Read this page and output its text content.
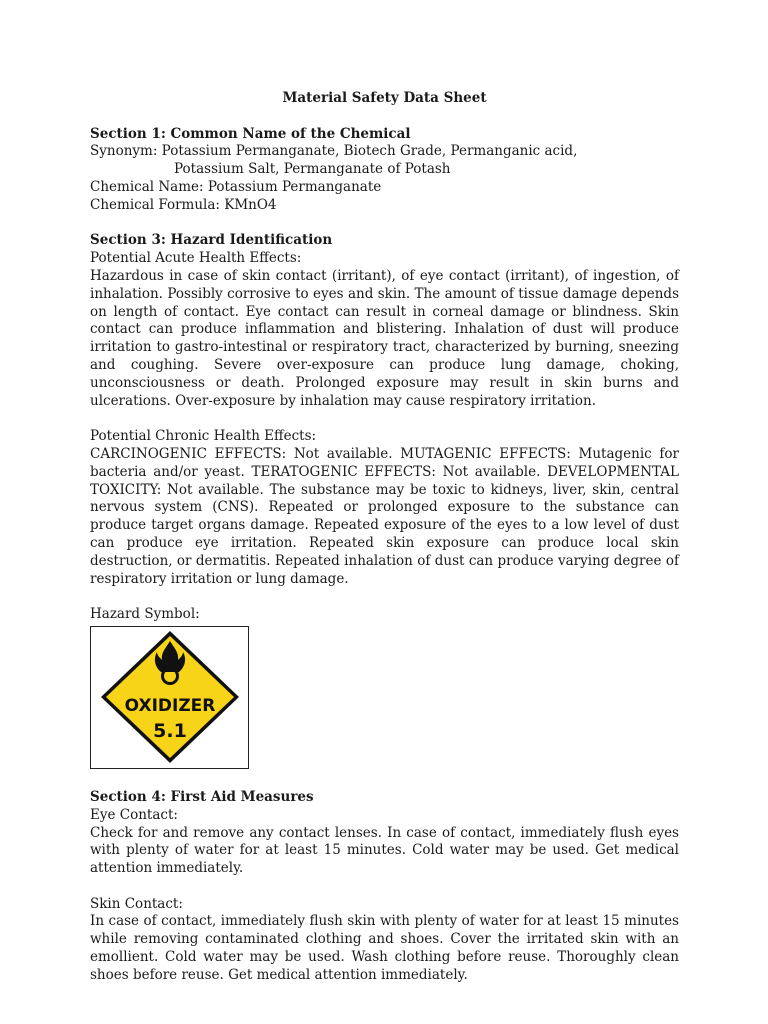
Material Safety Data Sheet

Section 1: Common Name of the Chemical

Synonym: Potassium Permanganate, Biotech Grade, Permanganic acid,

Potassium Salt, Permanganate of Potash

Chemical Name: Potassium Permanganate

Chemical Formula: KMnO4

Section 3: Hazard Identification

Potential Acute Health Effects:

Hazardous in case of skin contact (irritant), of eye contact (irritant), of ingestion, of inhalation. Possibly corrosive to eyes and skin. The amount of tissue damage depends on length of contact. Eye contact can result in corneal damage or blindness. Skin contact can produce inflammation and blistering. Inhalation of dust will produce irritation to gastro-intestinal or respiratory tract, characterized by burning, sneezing and coughing. Severe over-exposure can produce lung damage, choking, unconsciousness or death. Prolonged exposure may result in skin burns and ulcerations. Over-exposure by inhalation may cause respiratory irritation.

Potential Chronic Health Effects:

CARCINOGENIC EFFECTS: Not available. MUTAGENIC EFFECTS: Mutagenic for bacteria and/or yeast. TERATOGENIC EFFECTS: Not available. DEVELOPMENTAL TOXICITY: Not available. The substance may be toxic to kidneys, liver, skin, central nervous system (CNS). Repeated or prolonged exposure to the substance can produce target organs damage. Repeated exposure of the eyes to a low level of dust can produce eye irritation. Repeated skin exposure can produce local skin destruction, or dermatitis. Repeated inhalation of dust can produce varying degree of respiratory irritation or lung damage.

Hazard Symbol:

OXIDIZER
5.1

Section 4: First Aid Measures

Eye Contact:

Check for and remove any contact lenses. In case of contact, immediately flush eyes with plenty of water for at least 15 minutes. Cold water may be used. Get medical attention immediately.

Skin Contact:

In case of contact, immediately flush skin with plenty of water for at least 15 minutes while removing contaminated clothing and shoes. Cover the irritated skin with an emollient. Cold water may be used. Wash clothing before reuse. Thoroughly clean shoes before reuse. Get medical attention immediately.
